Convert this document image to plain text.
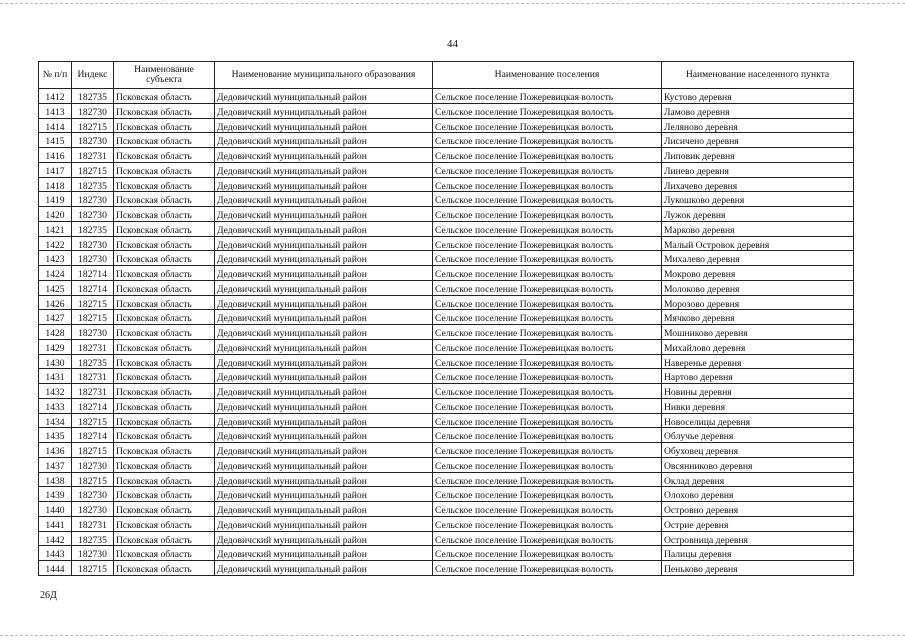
44
№ п/п	Индекс	Наименование субъекта	Наименование муниципального образования	Наименование поселения	Наименование населенного пункта
1412	182735	Псковская область	Дедовичский муниципальный район	Сельское поселение Пожеревицкая волость	Кустово деревня
1413	182730	Псковская область	Дедовичский муниципальный район	Сельское поселение Пожеревицкая волость	Ламово деревня
1414	182715	Псковская область	Дедовичский муниципальный район	Сельское поселение Пожеревицкая волость	Леляново деревня
1415	182730	Псковская область	Дедовичский муниципальный район	Сельское поселение Пожеревицкая волость	Лисичено деревня
1416	182731	Псковская область	Дедовичский муниципальный район	Сельское поселение Пожеревицкая волость	Липовик деревня
1417	182715	Псковская область	Дедовичский муниципальный район	Сельское поселение Пожеревицкая волость	Линево деревня
1418	182735	Псковская область	Дедовичский муниципальный район	Сельское поселение Пожеревицкая волость	Лихачево деревня
1419	182730	Псковская область	Дедовичский муниципальный район	Сельское поселение Пожеревицкая волость	Лукошково деревня
1420	182730	Псковская область	Дедовичский муниципальный район	Сельское поселение Пожеревицкая волость	Лужок деревня
1421	182735	Псковская область	Дедовичский муниципальный район	Сельское поселение Пожеревицкая волость	Марково деревня
1422	182730	Псковская область	Дедовичский муниципальный район	Сельское поселение Пожеревицкая волость	Малый Островок деревня
1423	182730	Псковская область	Дедовичский муниципальный район	Сельское поселение Пожеревицкая волость	Михалево деревня
1424	182714	Псковская область	Дедовичский муниципальный район	Сельское поселение Пожеревицкая волость	Мокрово деревня
1425	182714	Псковская область	Дедовичский муниципальный район	Сельское поселение Пожеревицкая волость	Молоково деревня
1426	182715	Псковская область	Дедовичский муниципальный район	Сельское поселение Пожеревицкая волость	Морозово деревня
1427	182715	Псковская область	Дедовичский муниципальный район	Сельское поселение Пожеревицкая волость	Мячково деревня
1428	182730	Псковская область	Дедовичский муниципальный район	Сельское поселение Пожеревицкая волость	Мошниково деревня
1429	182731	Псковская область	Дедовичский муниципальный район	Сельское поселение Пожеревицкая волость	Михайлово деревня
1430	182735	Псковская область	Дедовичский муниципальный район	Сельское поселение Пожеревицкая волость	Наверенье деревня
1431	182731	Псковская область	Дедовичский муниципальный район	Сельское поселение Пожеревицкая волость	Нартово деревня
1432	182731	Псковская область	Дедовичский муниципальный район	Сельское поселение Пожеревицкая волость	Новины деревня
1433	182714	Псковская область	Дедовичский муниципальный район	Сельское поселение Пожеревицкая волость	Нивки деревня
1434	182715	Псковская область	Дедовичский муниципальный район	Сельское поселение Пожеревицкая волость	Новоселицы деревня
1435	182714	Псковская область	Дедовичский муниципальный район	Сельское поселение Пожеревицкая волость	Облучье деревня
1436	182715	Псковская область	Дедовичский муниципальный район	Сельское поселение Пожеревицкая волость	Обуховец деревня
1437	182730	Псковская область	Дедовичский муниципальный район	Сельское поселение Пожеревицкая волость	Овсянниково деревня
1438	182715	Псковская область	Дедовичский муниципальный район	Сельское поселение Пожеревицкая волость	Оклад деревня
1439	182730	Псковская область	Дедовичский муниципальный район	Сельское поселение Пожеревицкая волость	Олохово деревня
1440	182730	Псковская область	Дедовичский муниципальный район	Сельское поселение Пожеревицкая волость	Островно деревня
1441	182731	Псковская область	Дедовичский муниципальный район	Сельское поселение Пожеревицкая волость	Острие деревня
1442	182735	Псковская область	Дедовичский муниципальный район	Сельское поселение Пожеревицкая волость	Островница деревня
1443	182730	Псковская область	Дедовичский муниципальный район	Сельское поселение Пожеревицкая волость	Палицы деревня
1444	182715	Псковская область	Дедовичский муниципальный район	Сельское поселение Пожеревицкая волость	Пеньково деревня
26Д
